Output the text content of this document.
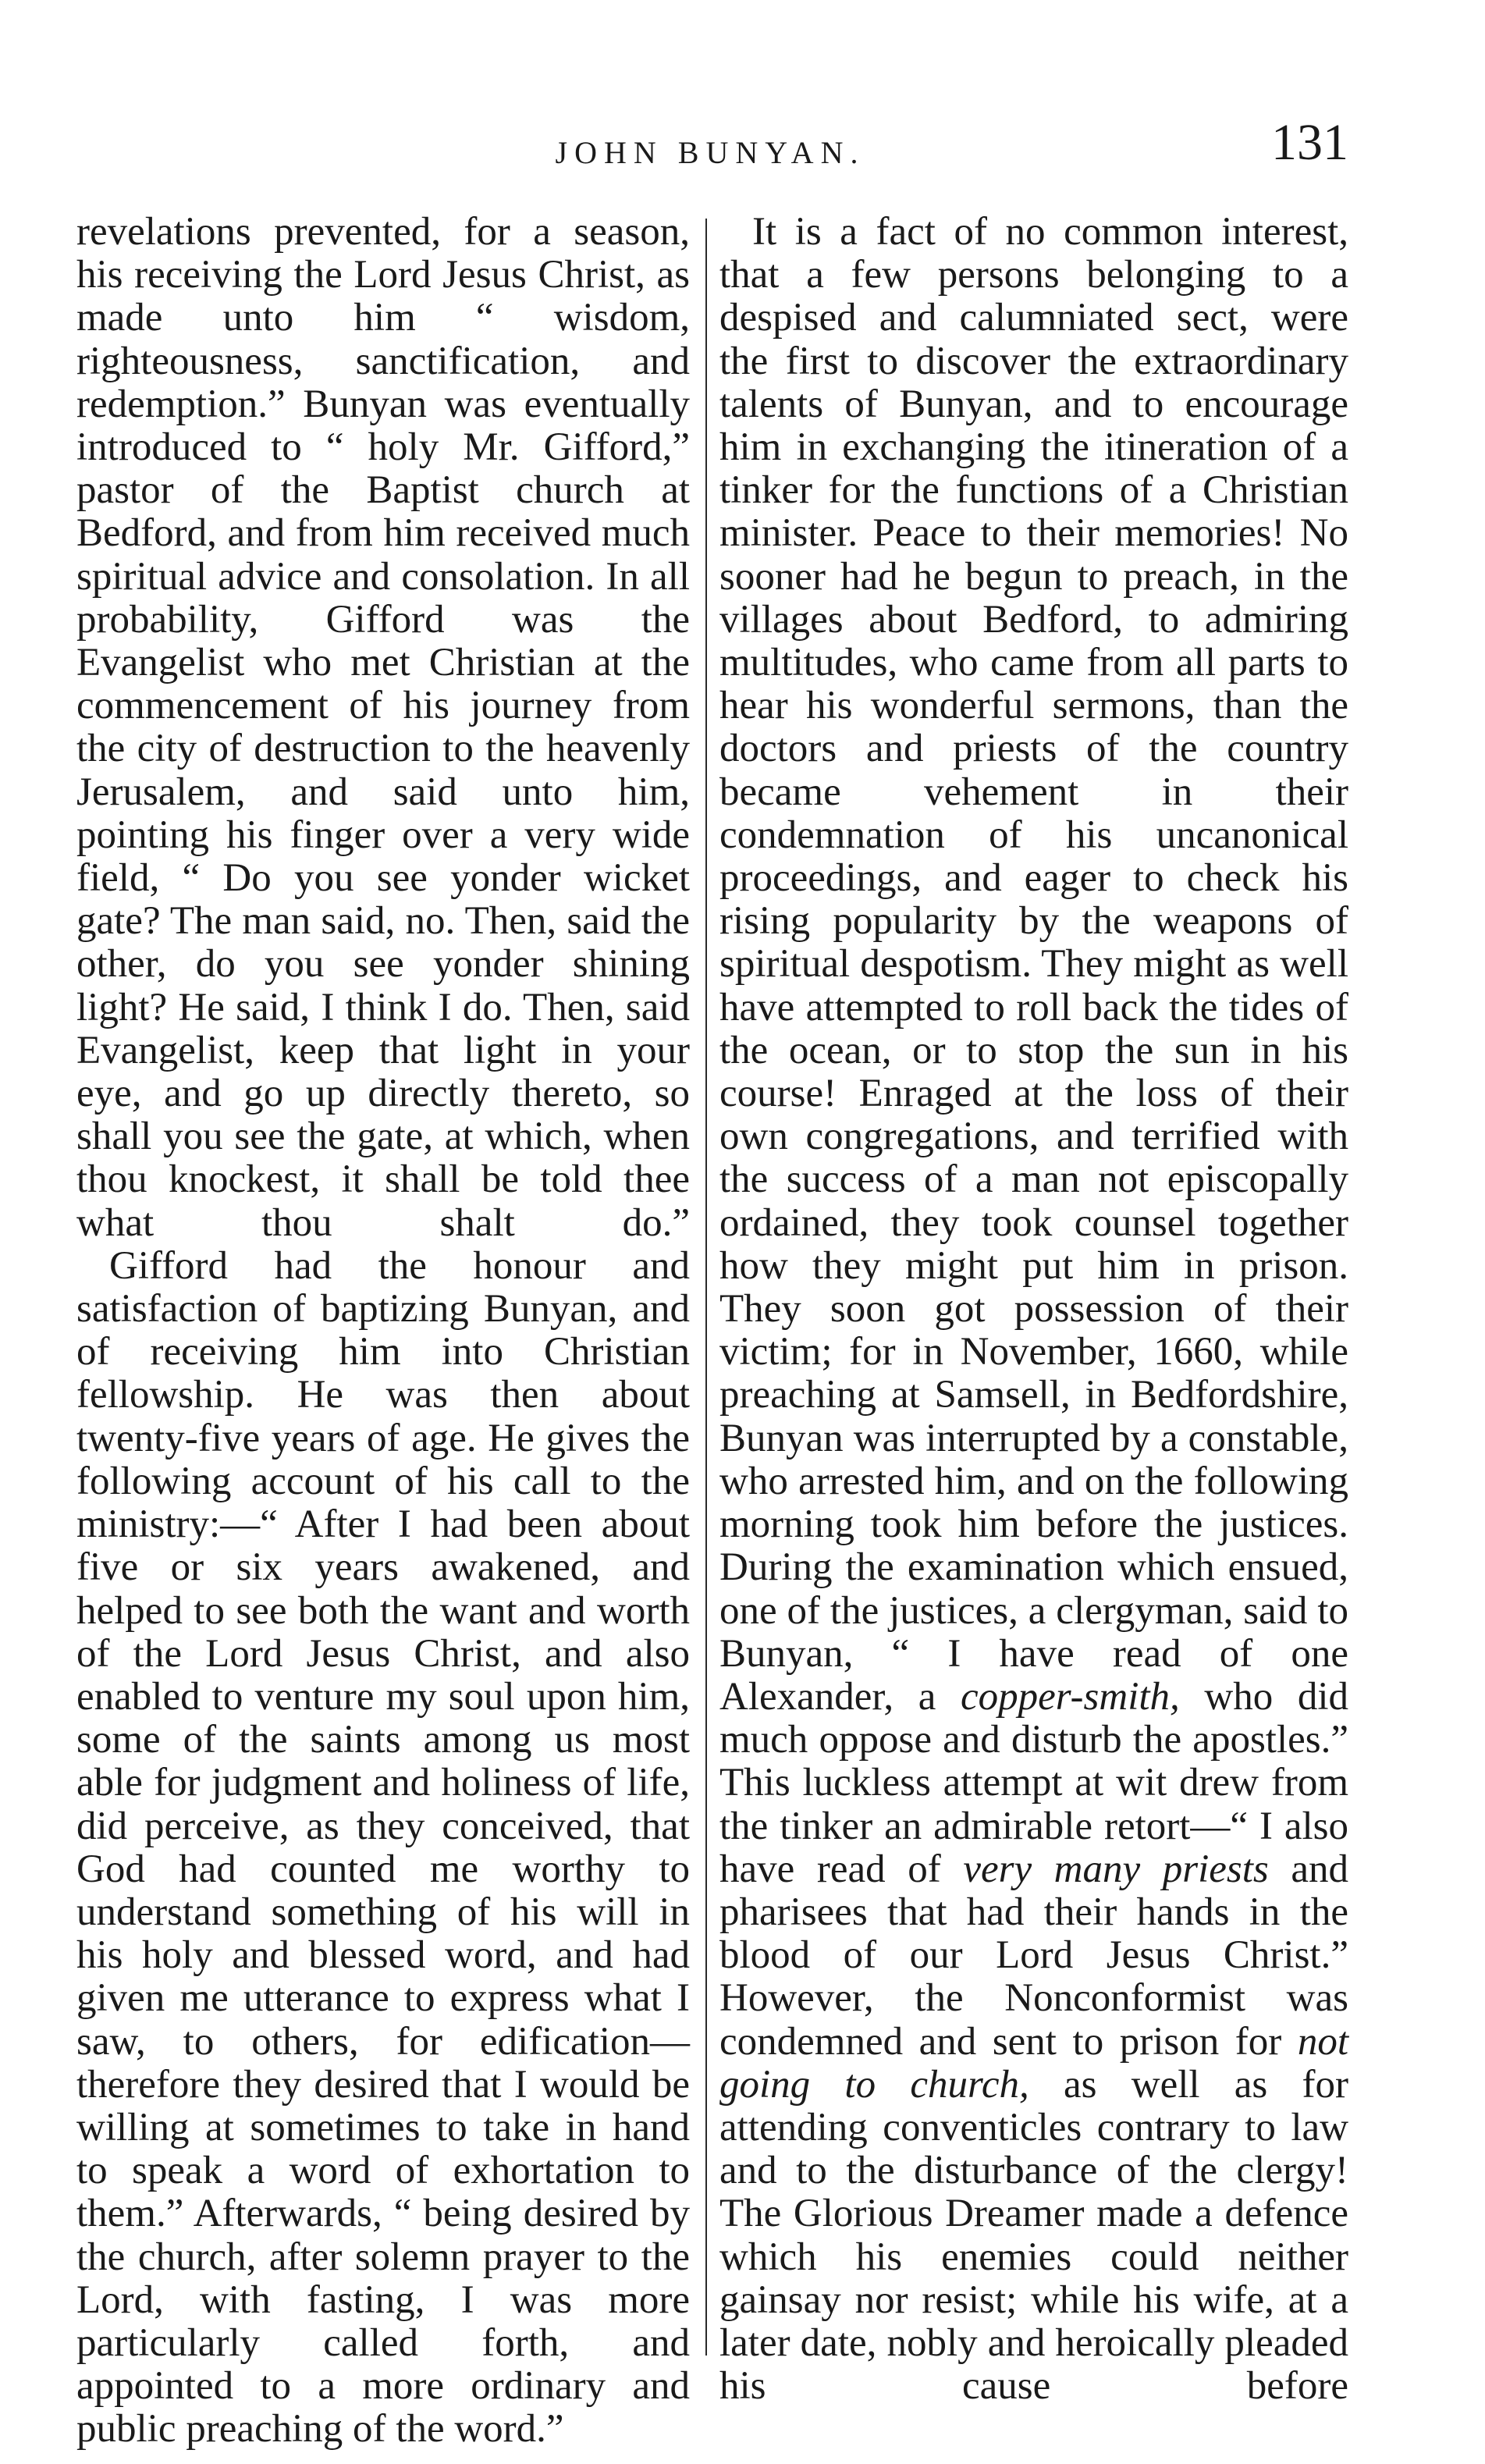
JOHN BUNYAN.	131

revelations prevented, for a season, his receiving the Lord Jesus Christ, as made unto him “ wisdom, righteousness, sanctification, and redemption.” Bunyan was eventually introduced to “ holy Mr. Gifford,” pastor of the Baptist church at Bedford, and from him received much spiritual advice and consolation. In all probability, Gifford was the Evangelist who met Christian at the commencement of his journey from the city of destruction to the heavenly Jerusalem, and said unto him, pointing his finger over a very wide field, “ Do you see yonder wicket gate? The man said, no. Then, said the other, do you see yonder shining light? He said, I think I do. Then, said Evangelist, keep that light in your eye, and go up directly thereto, so shall you see the gate, at which, when thou knockest, it shall be told thee what thou shalt do.”

Gifford had the honour and satisfaction of baptizing Bunyan, and of receiving him into Christian fellowship. He was then about twenty-five years of age. He gives the following account of his call to the ministry:—“ After I had been about five or six years awakened, and helped to see both the want and worth of the Lord Jesus Christ, and also enabled to venture my soul upon him, some of the saints among us most able for judgment and holiness of life, did perceive, as they conceived, that God had counted me worthy to understand something of his will in his holy and blessed word, and had given me utterance to express what I saw, to others, for edification—therefore they desired that I would be willing at sometimes to take in hand to speak a word of exhortation to them.” Afterwards, “ being desired by the church, after solemn prayer to the Lord, with fasting, I was more particularly called forth, and appointed to a more ordinary and public preaching of the word.”

It is a fact of no common interest, that a few persons belonging to a despised and calumniated sect, were the first to discover the extraordinary talents of Bunyan, and to encourage him in exchanging the itineration of a tinker for the functions of a Christian minister. Peace to their memories! No sooner had he begun to preach, in the villages about Bedford, to admiring multitudes, who came from all parts to hear his wonderful sermons, than the doctors and priests of the country became vehement in their condemnation of his uncanonical proceedings, and eager to check his rising popularity by the weapons of spiritual despotism. They might as well have attempted to roll back the tides of the ocean, or to stop the sun in his course! Enraged at the loss of their own congregations, and terrified with the success of a man not episcopally ordained, they took counsel together how they might put him in prison. They soon got possession of their victim; for in November, 1660, while preaching at Samsell, in Bedfordshire, Bunyan was interrupted by a constable, who arrested him, and on the following morning took him before the justices. During the examination which ensued, one of the justices, a clergyman, said to Bunyan, “ I have read of one Alexander, a copper-smith, who did much oppose and disturb the apostles.” This luckless attempt at wit drew from the tinker an admirable retort—“ I also have read of very many priests and pharisees that had their hands in the blood of our Lord Jesus Christ.” However, the Nonconformist was condemned and sent to prison for not going to church, as well as for attending conventicles contrary to law and to the disturbance of the clergy! The Glorious Dreamer made a defence which his enemies could neither gainsay nor resist; while his wife, at a later date, nobly and heroically pleaded his cause before
